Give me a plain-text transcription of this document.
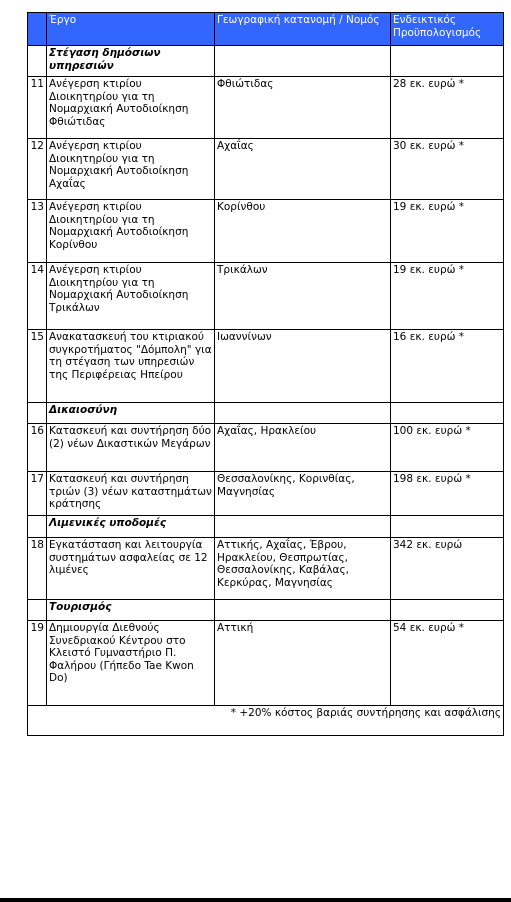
	Έργο	Γεωγραφική κατανομή / Νομός	Ενδεικτικός Προϋπολογισμός
	Στέγαση δημόσιων υπηρεσιών		
11	Ανέγερση κτιρίου Διοικητηρίου για τη Νομαρχιακή Αυτοδιοίκηση Φθιώτιδας	Φθιώτιδας	28 εκ. ευρώ *
12	Ανέγερση κτιρίου Διοικητηρίου για τη Νομαρχιακή Αυτοδιοίκηση Αχαΐας	Αχαΐας	30 εκ. ευρώ *
13	Ανέγερση κτιρίου Διοικητηρίου για τη Νομαρχιακή Αυτοδιοίκηση Κορίνθου	Κορίνθου	19 εκ. ευρώ *
14	Ανέγερση κτιρίου Διοικητηρίου για τη Νομαρχιακή Αυτοδιοίκηση Τρικάλων	Τρικάλων	19 εκ. ευρώ *
15	Ανακατασκευή του κτιριακού συγκροτήματος "Δόμπολη" για τη στέγαση των υπηρεσιών της Περιφέρειας Ηπείρου	Ιωαννίνων	16 εκ. ευρώ *
	Δικαιοσύνη		
16	Κατασκευή και συντήρηση δύο (2) νέων Δικαστικών Μεγάρων	Αχαΐας, Ηρακλείου	100 εκ. ευρώ *
17	Κατασκευή και συντήρηση τριών (3) νέων καταστημάτων κράτησης	Θεσσαλονίκης, Κορινθίας, Μαγνησίας	198 εκ. ευρώ *
	Λιμενικές υποδομές		
18	Εγκατάσταση και λειτουργία συστημάτων ασφαλείας σε 12 λιμένες	Αττικής, Αχαΐας, Έβρου, Ηρακλείου, Θεσπρωτίας, Θεσσαλονίκης, Καβάλας, Κερκύρας, Μαγνησίας	342 εκ. ευρώ
	Τουρισμός		
19	Δημιουργία Διεθνούς Συνεδριακού Κέντρου στο Κλειστό Γυμναστήριο Π. Φαλήρου (Γήπεδο Tae Kwon Do)	Αττική	54 εκ. ευρώ *
* +20% κόστος βαριάς συντήρησης και ασφάλισης			
